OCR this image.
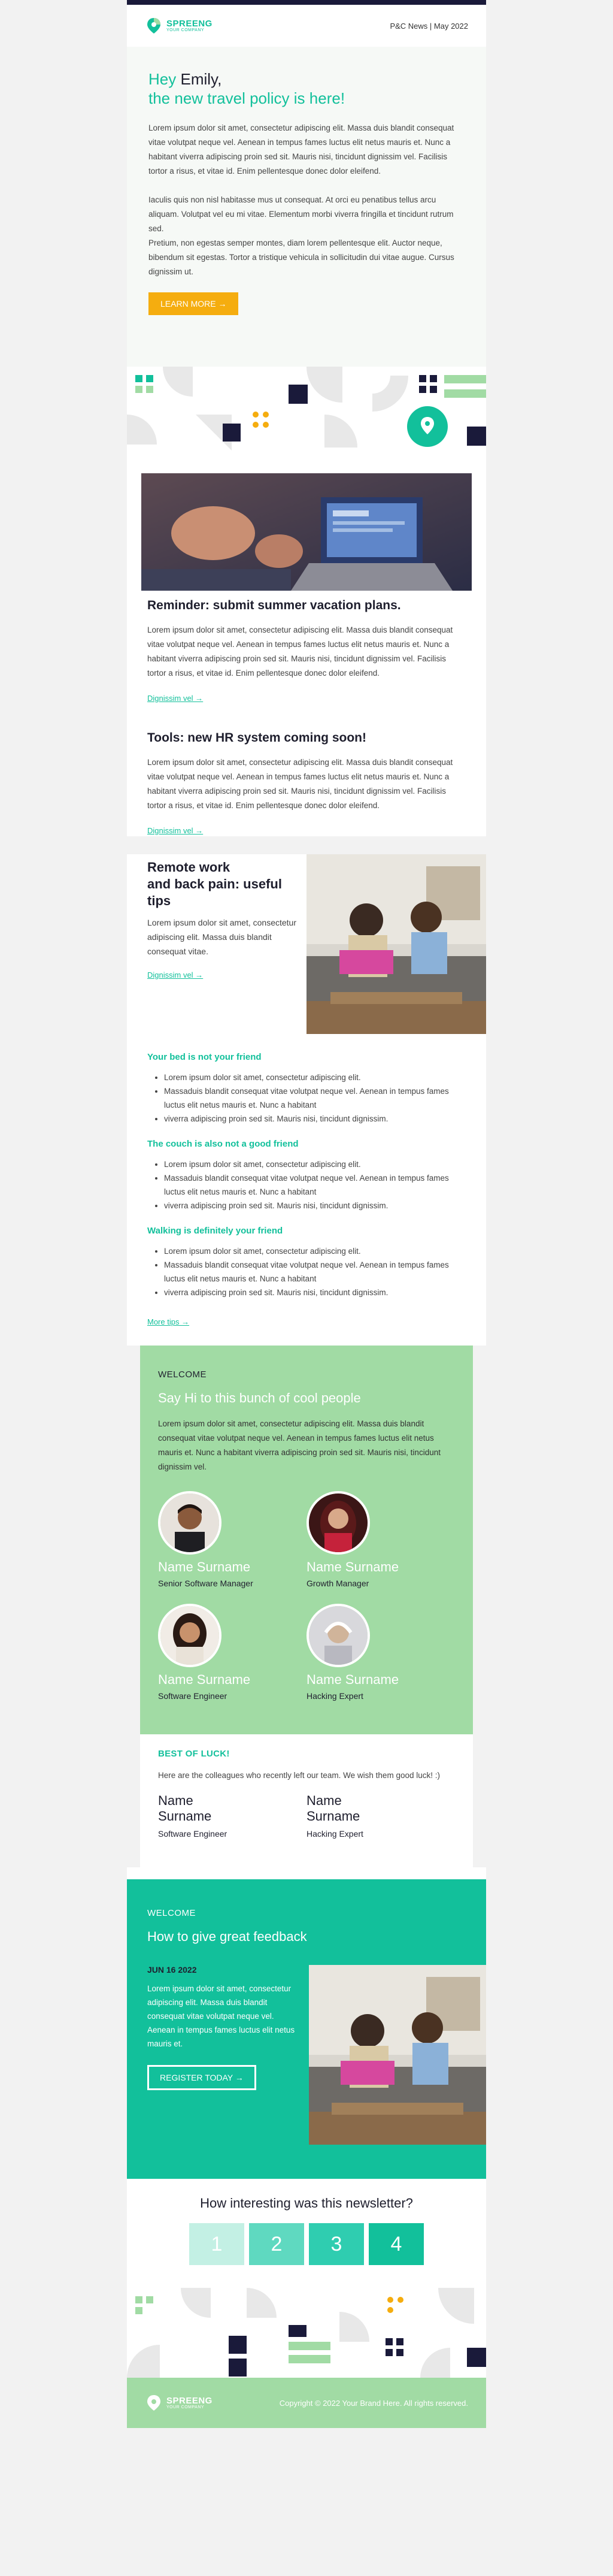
SPREENG
YOUR COMPANY	P&C News | May 2022
Hey Emily,
the new travel policy is here!

Lorem ipsum dolor sit amet, consectetur adipiscing elit. Massa duis blandit consequat vitae volutpat neque vel. Aenean in tempus fames luctus elit netus mauris et. Nunc a habitant viverra adipiscing proin sed sit. Mauris nisi, tincidunt dignissim vel. Facilisis tortor a risus, et vitae id. Enim pellentesque donec dolor eleifend.

Iaculis quis non nisl habitasse mus ut consequat. At orci eu penatibus tellus arcu aliquam. Volutpat vel eu mi vitae. Elementum morbi viverra fringilla et tincidunt rutrum sed.

Pretium, non egestas semper montes, diam lorem pellentesque elit. Auctor neque, bibendum sit egestas. Tortor a tristique vehicula in sollicitudin dui vitae augue. Cursus dignissim ut.

LEARN MORE →
Reminder: submit summer vacation plans.
Lorem ipsum dolor sit amet, consectetur adipiscing elit. Massa duis blandit consequat vitae volutpat neque vel. Aenean in tempus fames luctus elit netus mauris et. Nunc a habitant viverra adipiscing proin sed sit. Mauris nisi, tincidunt dignissim vel. Facilisis tortor a risus, et vitae id. Enim pellentesque donec dolor eleifend.
Dignissim vel →
Tools: new HR system coming soon!
Lorem ipsum dolor sit amet, consectetur adipiscing elit. Massa duis blandit consequat vitae volutpat neque vel. Aenean in tempus fames luctus elit netus mauris et. Nunc a habitant viverra adipiscing proin sed sit. Mauris nisi, tincidunt dignissim vel. Facilisis tortor a risus, et vitae id. Enim pellentesque donec dolor eleifend.
Dignissim vel →
Remote work
and back pain: useful
tips

Lorem ipsum dolor sit amet, consectetur adipiscing elit. Massa duis blandit consequat vitae.

Dignissim vel →
Your bed is not your friend
• Lorem ipsum dolor sit amet, consectetur adipiscing elit.
• Massaduis blandit consequat vitae volutpat neque vel. Aenean in tempus fames luctus elit netus mauris et. Nunc a habitant
• viverra adipiscing proin sed sit. Mauris nisi, tincidunt dignissim.
The couch is also not a good friend
• Lorem ipsum dolor sit amet, consectetur adipiscing elit.
• Massaduis blandit consequat vitae volutpat neque vel. Aenean in tempus fames luctus elit netus mauris et. Nunc a habitant
• viverra adipiscing proin sed sit. Mauris nisi, tincidunt dignissim.
Walking is definitely your friend
• Lorem ipsum dolor sit amet, consectetur adipiscing elit.
• Massaduis blandit consequat vitae volutpat neque vel. Aenean in tempus fames luctus elit netus mauris et. Nunc a habitant
• viverra adipiscing proin sed sit. Mauris nisi, tincidunt dignissim.
More tips →
WELCOME
Say Hi to this bunch of cool people

Lorem ipsum dolor sit amet, consectetur adipiscing elit. Massa duis blandit consequat vitae volutpat neque vel. Aenean in tempus fames luctus elit netus mauris et. Nunc a habitant viverra adipiscing proin sed sit. Mauris nisi, tincidunt dignissim vel.

Name Surname
Senior Software Manager
Name Surname
Growth Manager
Name Surname
Software Engineer
Name Surname
Hacking Expert
BEST OF LUCK!

Here are the colleagues who recently left our team. We wish them good luck! :)

Name Surname
Software Engineer
Name Surname
Hacking Expert
WELCOME
How to give great feedback
JUN 16 2022

Lorem ipsum dolor sit amet, consectetur adipiscing elit. Massa duis blandit consequat vitae volutpat neque vel. Aenean in tempus fames luctus elit netus mauris et.

REGISTER TODAY →
How interesting was this newsletter?
1	2	3	4
SPREENG
YOUR COMPANY	Copyright © 2022 Your Brand Here. All rights reserved.
